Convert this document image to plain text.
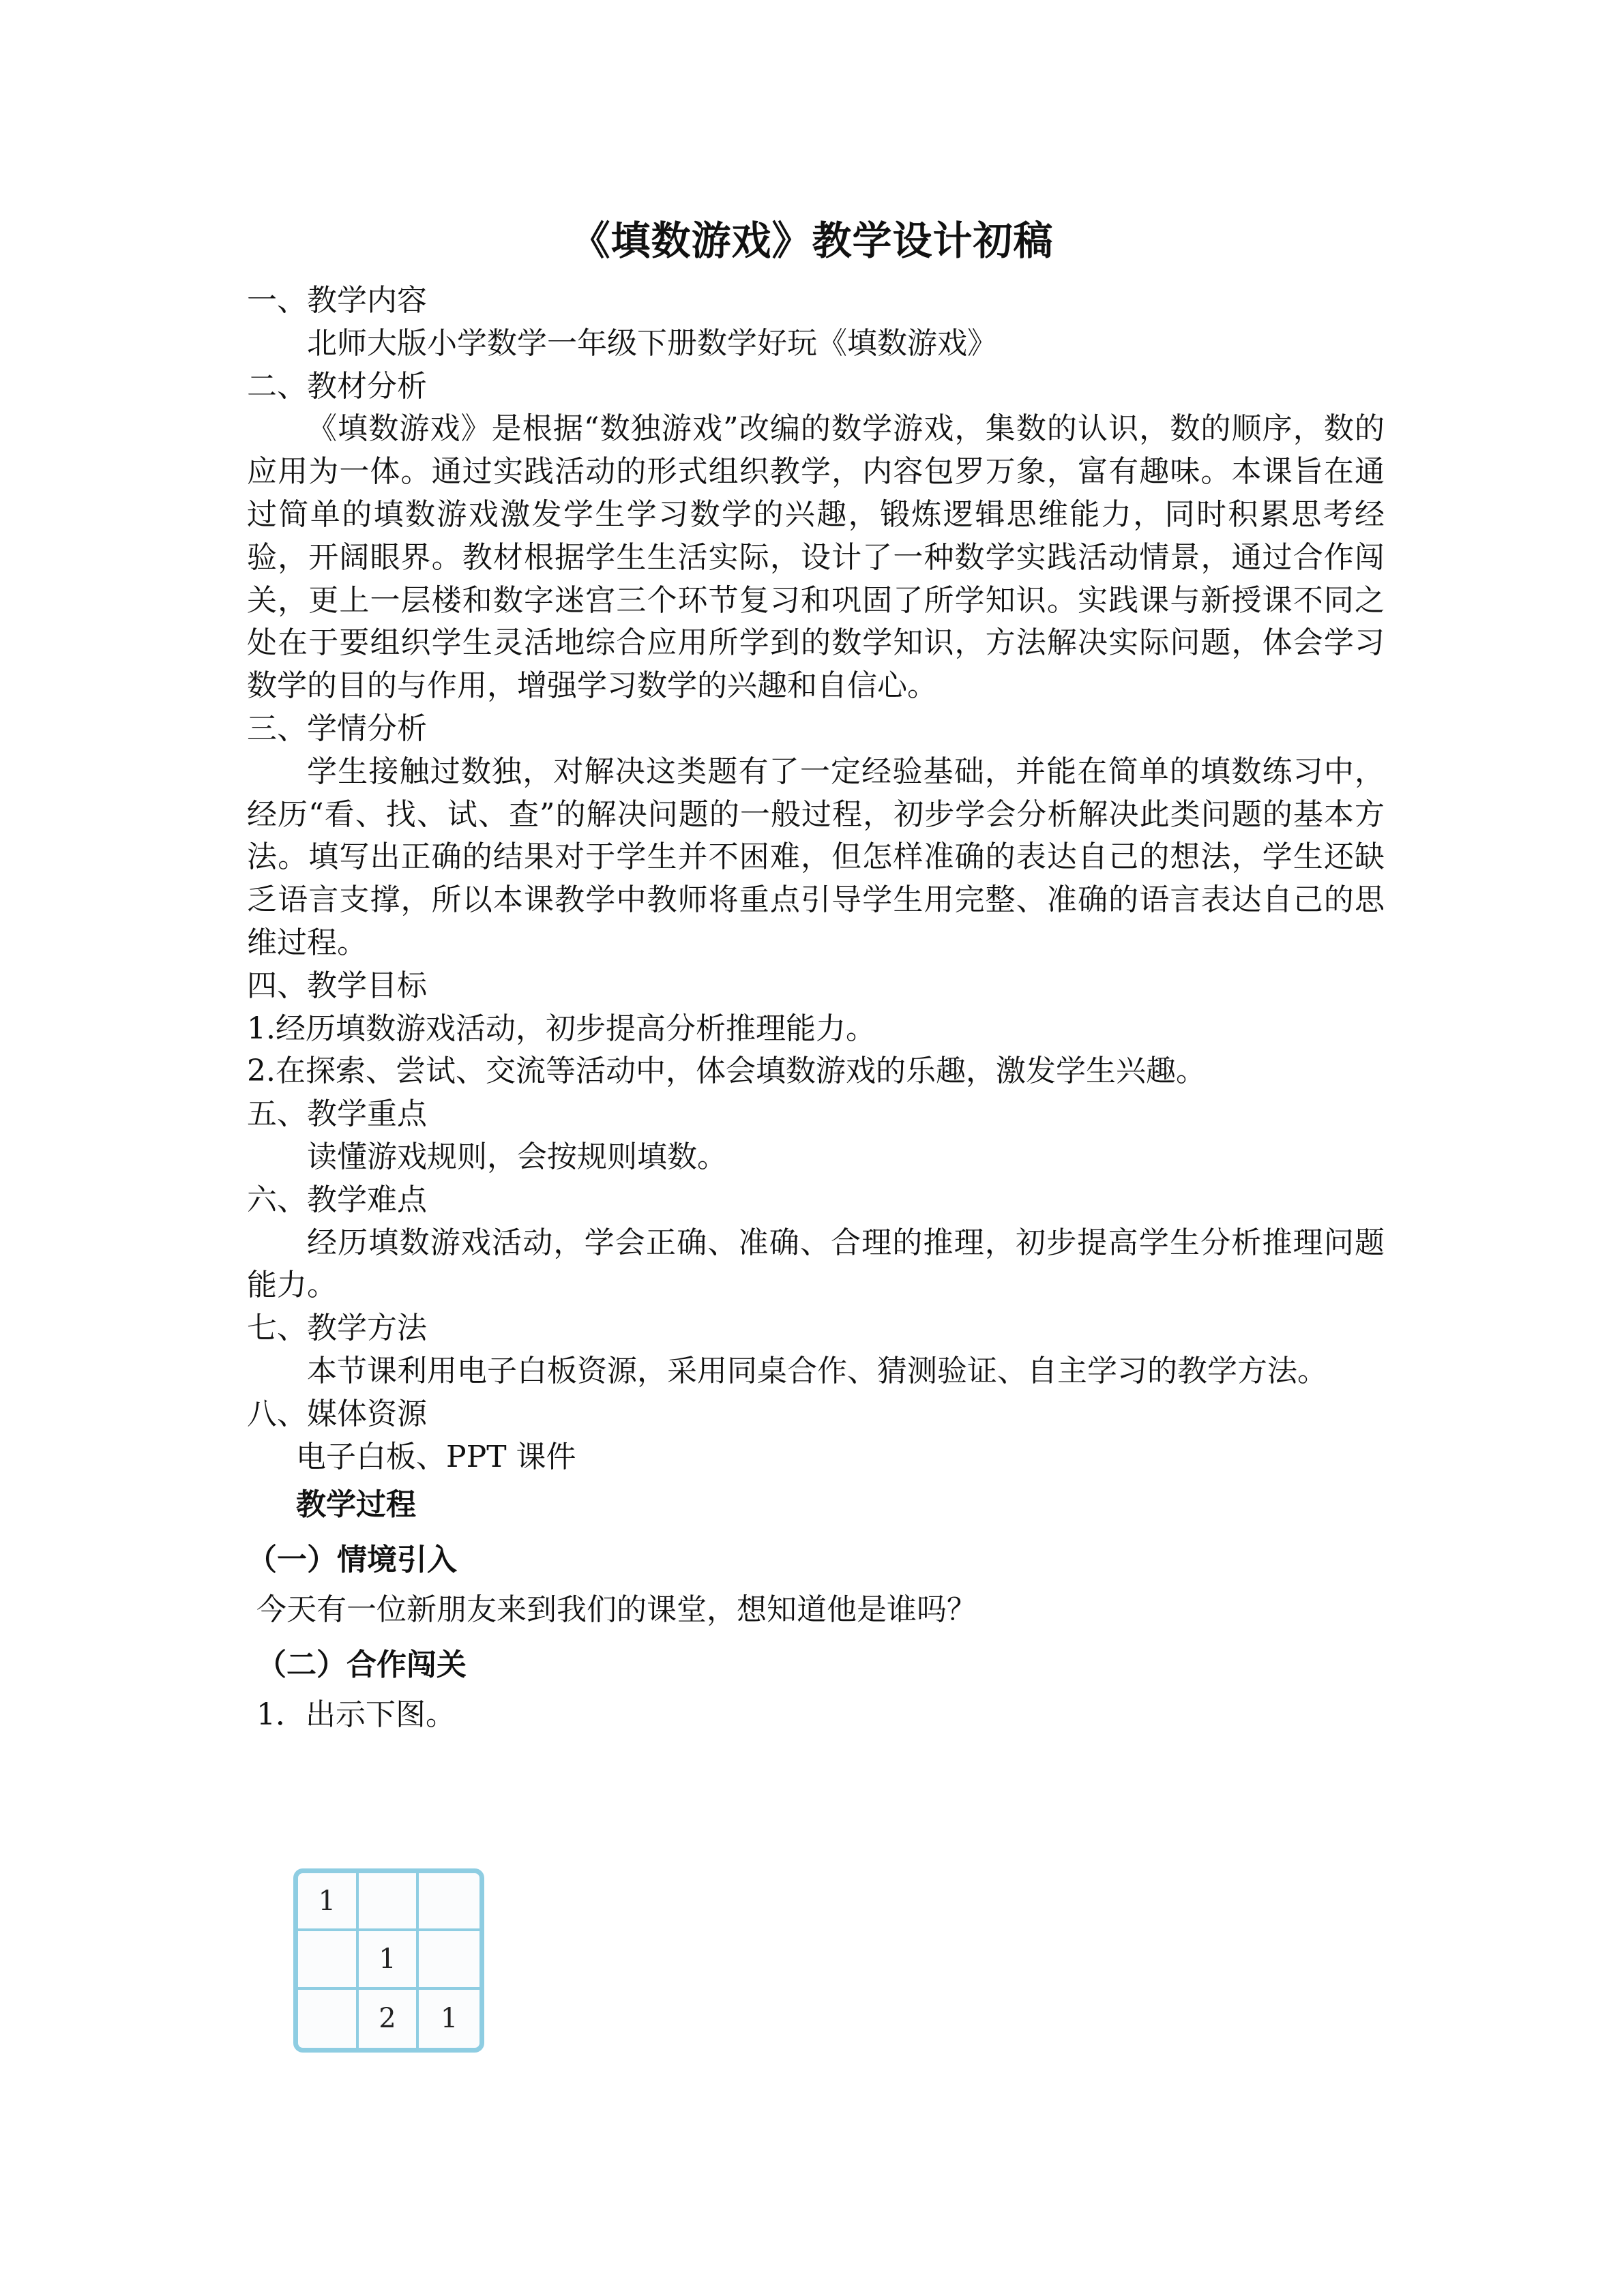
《填数游戏》教学设计初稿

一、教学内容

北师大版小学数学一年级下册数学好玩《填数游戏》

二、教材分析

《填数游戏》是根据“数独游戏”改编的数学游戏，集数的认识，数的顺序，数的应用为一体。通过实践活动的形式组织教学，内容包罗万象，富有趣味。本课旨在通过简单的填数游戏激发学生学习数学的兴趣，锻炼逻辑思维能力，同时积累思考经验，开阔眼界。教材根据学生生活实际，设计了一种数学实践活动情景，通过合作闯关，更上一层楼和数字迷宫三个环节复习和巩固了所学知识。实践课与新授课不同之处在于要组织学生灵活地综合应用所学到的数学知识，方法解决实际问题，体会学习数学的目的与作用，增强学习数学的兴趣和自信心。

三、学情分析

学生接触过数独，对解决这类题有了一定经验基础，并能在简单的填数练习中，经历“看、找、试、查”的解决问题的一般过程，初步学会分析解决此类问题的基本方法。填写出正确的结果对于学生并不困难，但怎样准确的表达自己的想法，学生还缺乏语言支撑，所以本课教学中教师将重点引导学生用完整、准确的语言表达自己的思维过程。

四、教学目标

1.经历填数游戏活动，初步提高分析推理能力。

2.在探索、尝试、交流等活动中，体会填数游戏的乐趣，激发学生兴趣。

五、教学重点

读懂游戏规则，会按规则填数。

六、教学难点

经历填数游戏活动，学会正确、准确、合理的推理，初步提高学生分析推理问题能力。

七、教学方法

本节课利用电子白板资源，采用同桌合作、猜测验证、自主学习的教学方法。

八、媒体资源

电子白板、PPT 课件

教学过程

（一）情境引入

今天有一位新朋友来到我们的课堂，想知道他是谁吗？

（二）合作闯关

1．出示下图。

1
1
2	1
